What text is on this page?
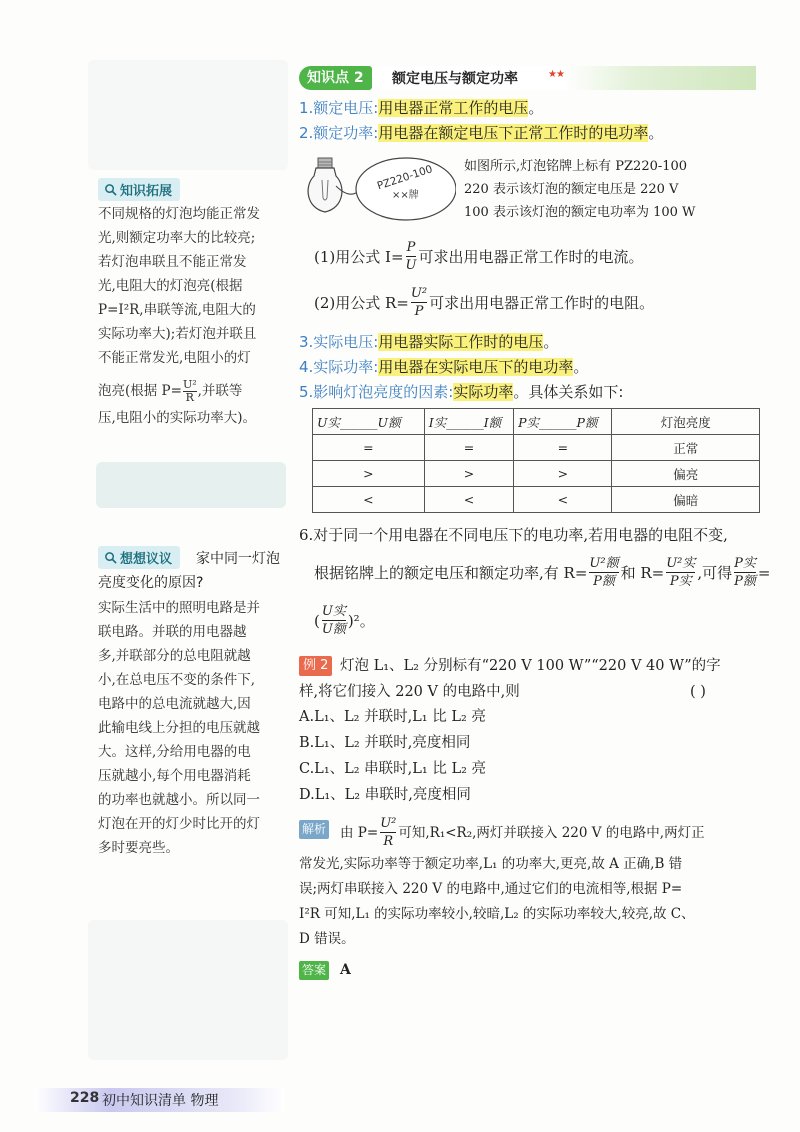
知识拓展
不同规格的灯泡均能正常发
光,则额定功率大的比较亮;
若灯泡串联且不能正常发
光,电阻大的灯泡亮(根据
P=I²R,串联等流,电阻大的
实际功率大);若灯泡并联且
不能正常发光,电阻小的灯
泡亮(根据 $P= \frac{\text{U²}}{R}$ ,并联等
压,电阻小的实际功率大)。
想想议议 家中同一灯泡
亮度变化的原因?
实际生活中的照明电路是并
联电路。并联的用电器越
多,并联部分的总电阻就越
小,在总电压不变的条件下,
电路中的总电流就越大,因
此输电线上分担的电压就越
大。这样,分给用电器的电
压就越小,每个用电器消耗
的功率也就越小。所以同一
灯泡在开的灯少时比开的灯
多时要亮些。
知识点 2	额定电压与额定功率	★★
1.额定电压:用电器正常工作的电压。
2.额定功率:用电器在额定电压下正常工作时的电功率。
PZ220-100
××牌
如图所示,灯泡铭牌上标有 PZ220-100
220 表示该灯泡的额定电压是 220 V
100 表示该灯泡的额定电功率为 100 W
(1)用公式 $I= \frac{P}{U}$ 可求出用电器正常工作时的电流。
(2)用公式 $R= \frac{\text{U²}}{P}$ 可求出用电器正常工作时的电阻。
3.实际电压:用电器实际工作时的电压。
4.实际功率:用电器在实际电压下的电功率。
5.影响灯泡亮度的因素:实际功率。具体关系如下:
U实______U额	I实______I额	P实______P额	灯泡亮度
=	=	=	正常
>	>	>	偏亮
<	<	<	偏暗
6.对于同一个用电器在不同电压下的电功率,若用电器的电阻不变,
根据铭牌上的额定电压和额定功率,有 $R= \frac{\text{U²额}}{\text{P额}}$ 和 $R= \frac{\text{U²实}}{\text{P实}}$ ,可得 $\frac{\text{P实}}{\text{P额}}$ =
( $\frac{\text{U实}}{\text{U额}} )^2$。
例 2 灯泡 L₁、L₂ 分别标有“220 V 100 W”“220 V 40 W”的字
样,将它们接入 220 V 的电路中,则	( )
A.L₁、L₂ 并联时,L₁ 比 L₂ 亮
B.L₁、L₂ 并联时,亮度相同
C.L₁、L₂ 串联时,L₁ 比 L₂ 亮
D.L₁、L₂ 串联时,亮度相同
解析 由 $P= \frac{\text{U²}}{R}$ 可知,R₁<R₂,两灯并联接入 220 V 的电路中,两灯正
常发光,实际功率等于额定功率,L₁ 的功率大,更亮,故 A 正确,B 错
误;两灯串联接入 220 V 的电路中,通过它们的电流相等,根据 P=
I²R 可知,L₁ 的实际功率较小,较暗,L₂ 的实际功率较大,较亮,故 C、
D 错误。
答案 A
228 初中知识清单 物理
